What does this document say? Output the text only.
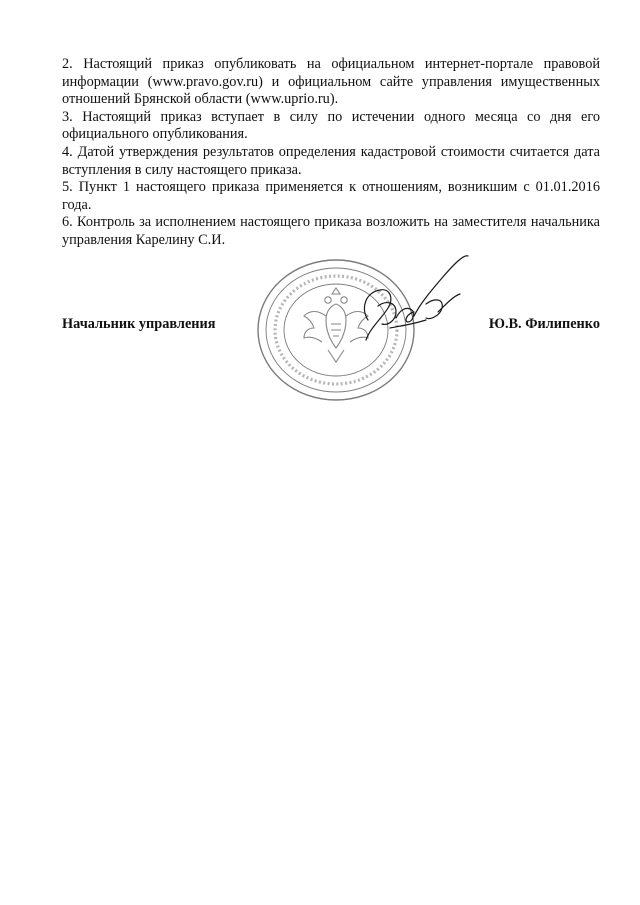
2. Настоящий приказ опубликовать на официальном интернет-портале правовой информации (www.pravo.gov.ru) и официальном сайте управления имущественных отношений Брянской области (www.uprio.ru).

3. Настоящий приказ вступает в силу по истечении одного месяца со дня его официального опубликования.

4. Датой утверждения результатов определения кадастровой стоимости считается дата вступления в силу настоящего приказа.

5. Пункт 1 настоящего приказа применяется к отношениям, возникшим с 01.01.2016 года.

6. Контроль за исполнением настоящего приказа возложить на заместителя начальника управления Карелину С.И.

Начальник управления	Ю.В. Филипенко
